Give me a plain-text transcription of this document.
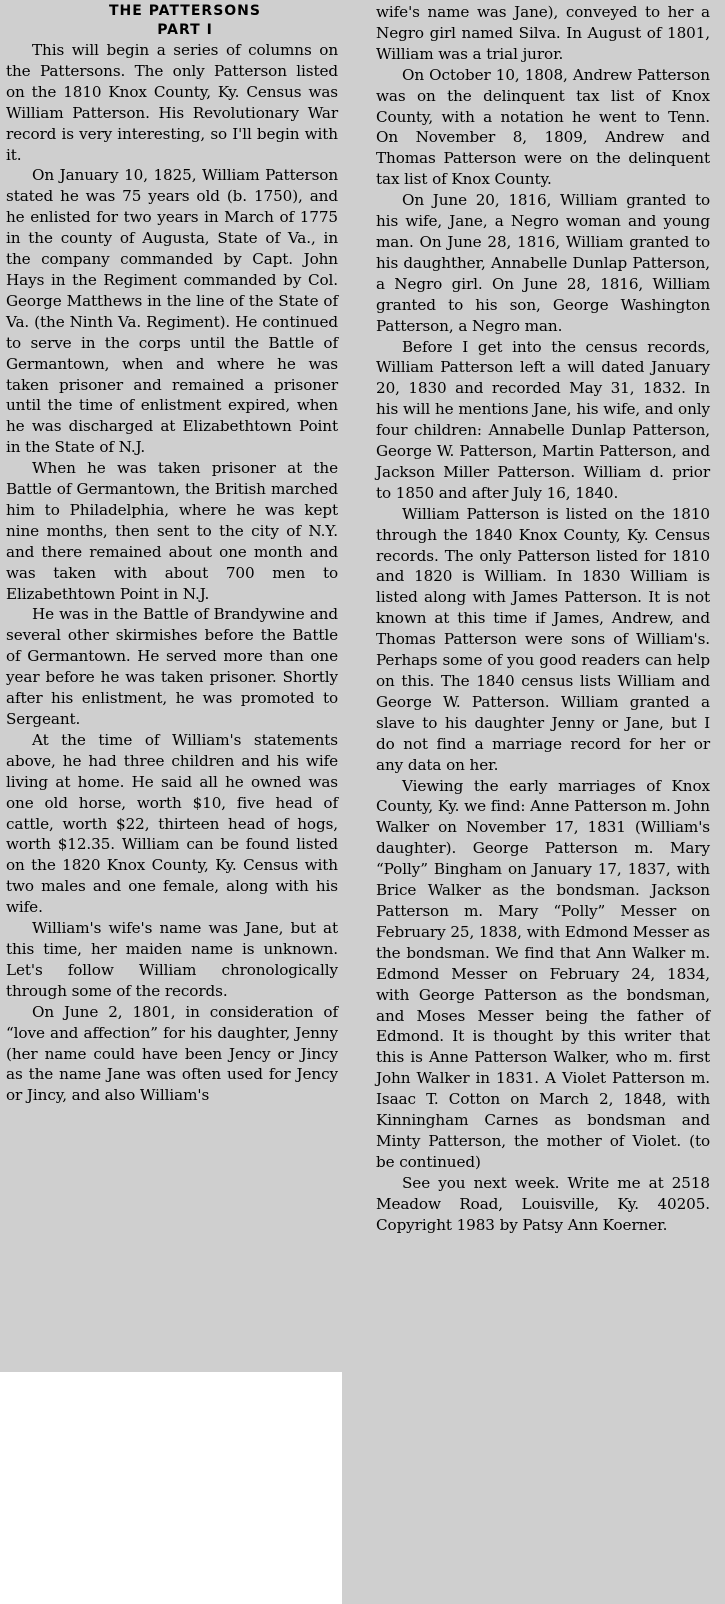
THE PATTERSONS

PART I

This will begin a series of columns on the Pattersons. The only Patterson listed on the 1810 Knox County, Ky. Census was William Patterson. His Revolutionary War record is very interesting, so I'll begin with it.

On January 10, 1825, William Patterson stated he was 75 years old (b. 1750), and he enlisted for two years in March of 1775 in the county of Augusta, State of Va., in the company commanded by Capt. John Hays in the Regiment commanded by Col. George Matthews in the line of the State of Va. (the Ninth Va. Regiment). He continued to serve in the corps until the Battle of Germantown, when and where he was taken prisoner and remained a prisoner until the time of enlistment expired, when he was discharged at Elizabethtown Point in the State of N.J.

When he was taken prisoner at the Battle of Germantown, the British marched him to Philadelphia, where he was kept nine months, then sent to the city of N.Y. and there remained about one month and was taken with about 700 men to Elizabethtown Point in N.J.

He was in the Battle of Brandywine and several other skirmishes before the Battle of Germantown. He served more than one year before he was taken prisoner. Shortly after his enlistment, he was promoted to Sergeant.

At the time of William's statements above, he had three children and his wife living at home. He said all he owned was one old horse, worth $10, five head of cattle, worth $22, thirteen head of hogs, worth $12.35. William can be found listed on the 1820 Knox County, Ky. Census with two males and one female, along with his wife.

William's wife's name was Jane, but at this time, her maiden name is unknown. Let's follow William chronologically through some of the records.

On June 2, 1801, in consideration of “love and affection” for his daughter, Jenny (her name could have been Jency or Jincy as the name Jane was often used for Jency or Jincy, and also William's

wife's name was Jane), conveyed to her a Negro girl named Silva. In August of 1801, William was a trial juror.

On October 10, 1808, Andrew Patterson was on the delinquent tax list of Knox County, with a notation he went to Tenn. On November 8, 1809, Andrew and Thomas Patterson were on the delinquent tax list of Knox County.

On June 20, 1816, William granted to his wife, Jane, a Negro woman and young man. On June 28, 1816, William granted to his daughther, Annabelle Dunlap Patterson, a Negro girl. On June 28, 1816, William granted to his son, George Washington Patterson, a Negro man.

Before I get into the census records, William Patterson left a will dated January 20, 1830 and recorded May 31, 1832. In his will he mentions Jane, his wife, and only four children: Annabelle Dunlap Patterson, George W. Patterson, Martin Patterson, and Jackson Miller Patterson. William d. prior to 1850 and after July 16, 1840.

William Patterson is listed on the 1810 through the 1840 Knox County, Ky. Census records. The only Patterson listed for 1810 and 1820 is William. In 1830 William is listed along with James Patterson. It is not known at this time if James, Andrew, and Thomas Patterson were sons of William's. Perhaps some of you good readers can help on this. The 1840 census lists William and George W. Patterson. William granted a slave to his daughter Jenny or Jane, but I do not find a marriage record for her or any data on her.

Viewing the early marriages of Knox County, Ky. we find: Anne Patterson m. John Walker on November 17, 1831 (William's daughter). George Patterson m. Mary “Polly” Bingham on January 17, 1837, with Brice Walker as the bondsman. Jackson Patterson m. Mary “Polly” Messer on February 25, 1838, with Edmond Messer as the bondsman. We find that Ann Walker m. Edmond Messer on February 24, 1834, with George Patterson as the bondsman, and Moses Messer being the father of Edmond. It is thought by this writer that this is Anne Patterson Walker, who m. first John Walker in 1831. A Violet Patterson m. Isaac T. Cotton on March 2, 1848, with Kinningham Carnes as bondsman and Minty Patterson, the mother of Violet. (to be continued)

See you next week. Write me at 2518 Meadow Road, Louisville, Ky. 40205. Copyright 1983 by Patsy Ann Koerner.
